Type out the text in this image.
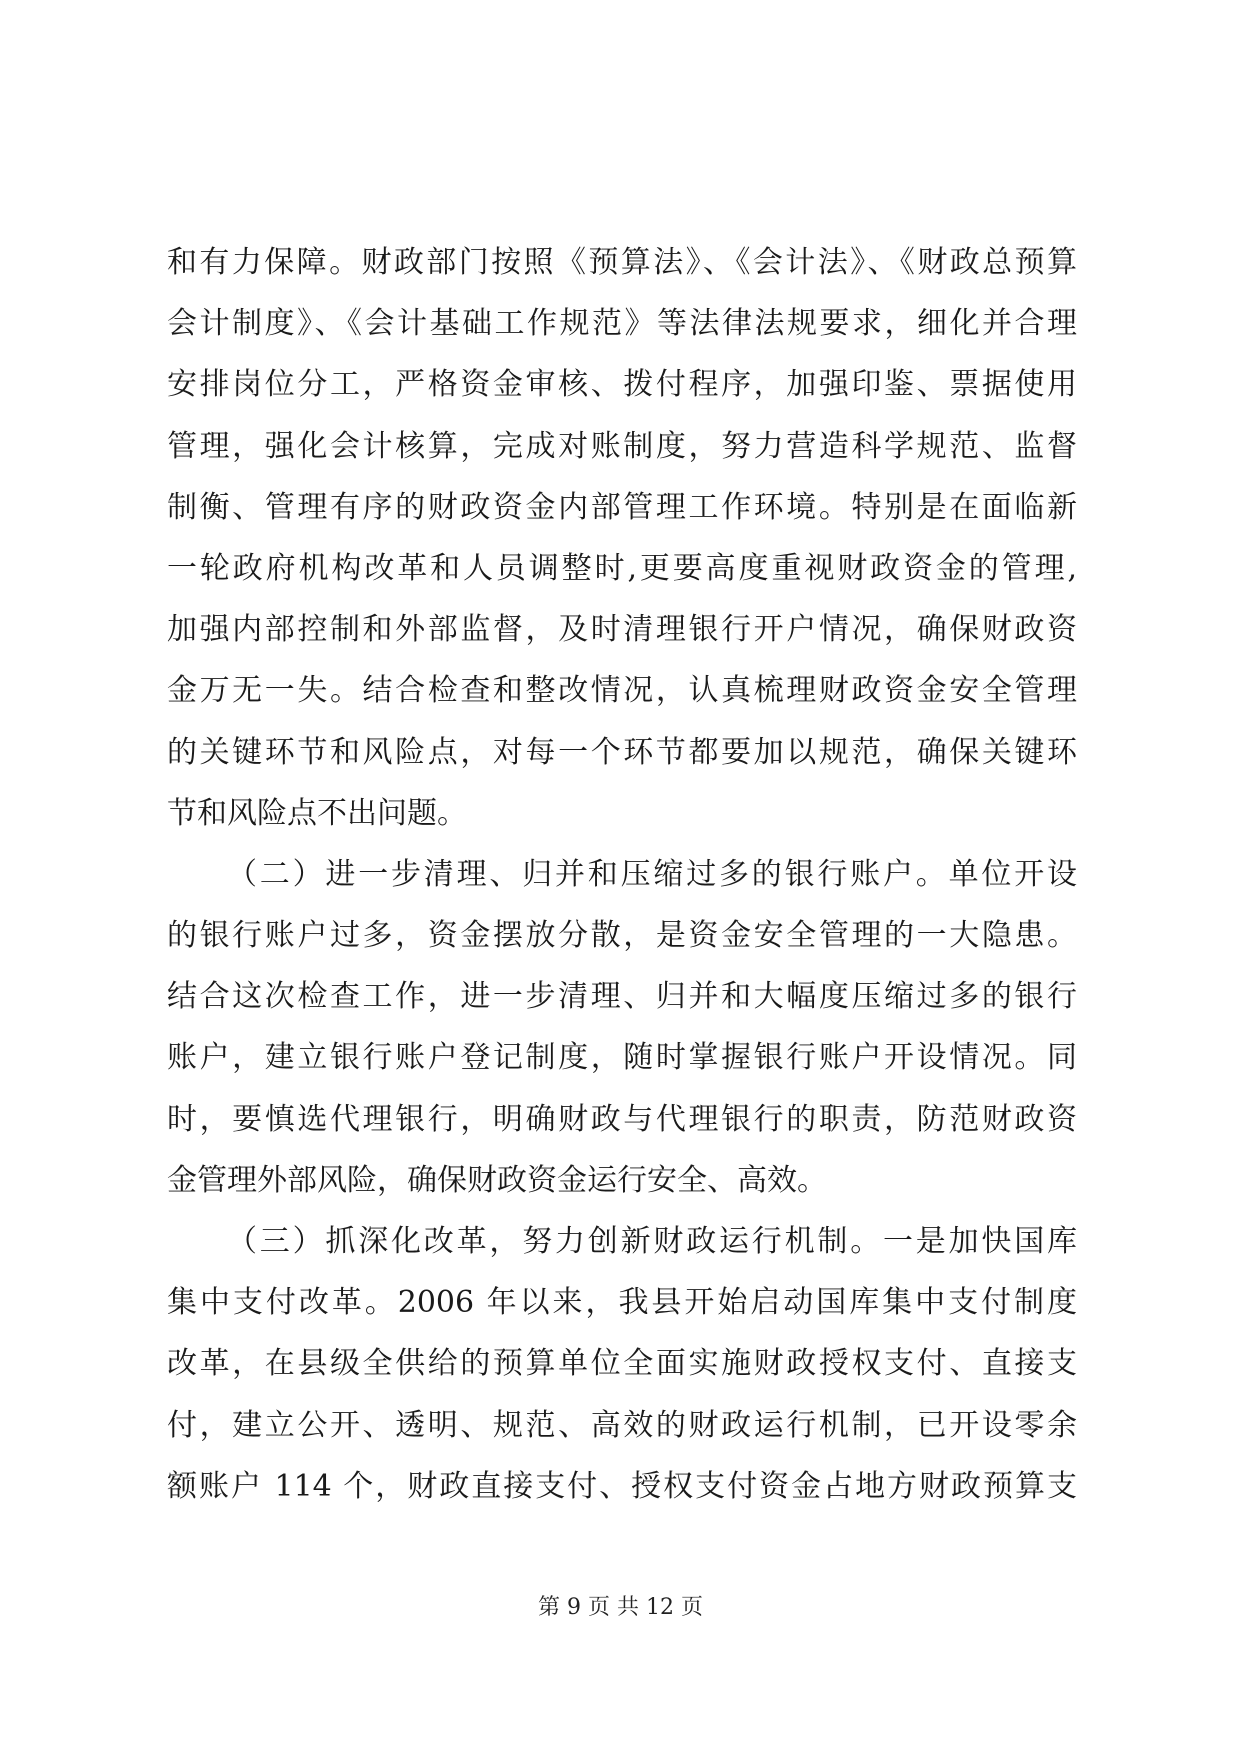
和有力保障。财政部门按照《预算法》、《会计法》、《财政总预算
会计制度》、《会计基础工作规范》等法律法规要求，细化并合理
安排岗位分工，严格资金审核、拨付程序，加强印鉴、票据使用
管理，强化会计核算，完成对账制度，努力营造科学规范、监督
制衡、管理有序的财政资金内部管理工作环境。特别是在面临新
一轮政府机构改革和人员调整时,更要高度重视财政资金的管理,
加强内部控制和外部监督，及时清理银行开户情况，确保财政资
金万无一失。结合检查和整改情况，认真梳理财政资金安全管理
的关键环节和风险点，对每一个环节都要加以规范，确保关键环
节和风险点不出问题。
（二）进一步清理、归并和压缩过多的银行账户。单位开设
的银行账户过多，资金摆放分散，是资金安全管理的一大隐患。
结合这次检查工作，进一步清理、归并和大幅度压缩过多的银行
账户，建立银行账户登记制度，随时掌握银行账户开设情况。同
时，要慎选代理银行，明确财政与代理银行的职责，防范财政资
金管理外部风险，确保财政资金运行安全、高效。
（三）抓深化改革，努力创新财政运行机制。一是加快国库
集中支付改革。2006 年以来，我县开始启动国库集中支付制度
改革，在县级全供给的预算单位全面实施财政授权支付、直接支
付，建立公开、透明、规范、高效的财政运行机制，已开设零余
额账户 114 个，财政直接支付、授权支付资金占地方财政预算支
第 9 页 共 12 页
